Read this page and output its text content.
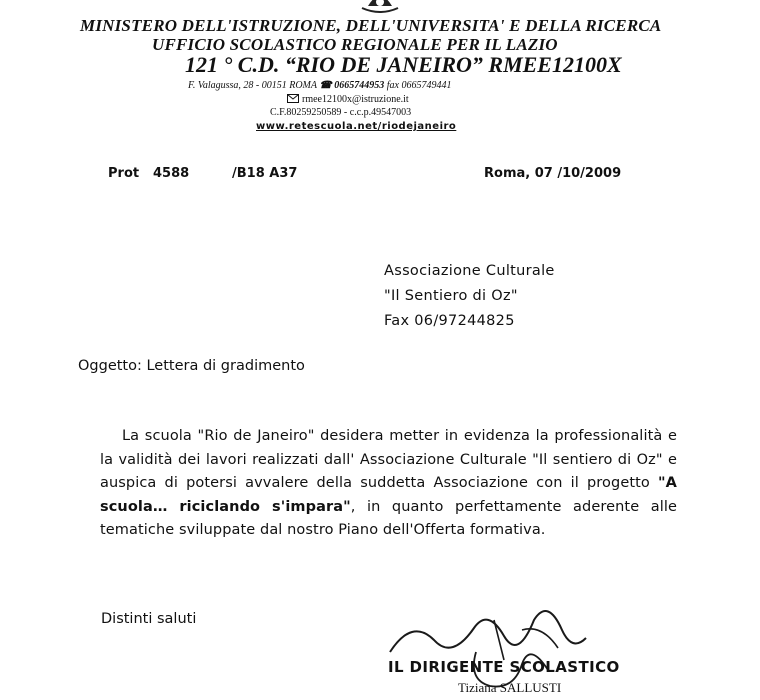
MINISTERO DELL'ISTRUZIONE, DELL'UNIVERSITA' E DELLA RICERCA
UFFICIO SCOLASTICO REGIONALE PER IL LAZIO
121 ° C.D. “RIO DE JANEIRO” RMEE12100X
F. Valagussa, 28 - 00151 ROMA ☎ 0665744953 fax 0665749441
rmee12100x@istruzione.it
C.F.80259250589 - c.c.p.49547003
www.retescuola.net/riodejaneiro
Prot 4588	/B18 A37	Roma, 07 /10/2009
Associazione Culturale
"Il Sentiero di Oz"
Fax 06/97244825
Oggetto: Lettera di gradimento

La scuola "Rio de Janeiro" desidera metter in evidenza la professionalità e la validità dei lavori realizzati dall' Associazione Culturale "Il sentiero di Oz" e auspica di potersi avvalere della suddetta Associazione con il progetto "A scuola… riciclando s'impara", in quanto perfettamente aderente alle tematiche sviluppate dal nostro Piano dell'Offerta formativa.

Distinti saluti
IL DIRIGENTE SCOLASTICO
Tiziana SALLUSTI
